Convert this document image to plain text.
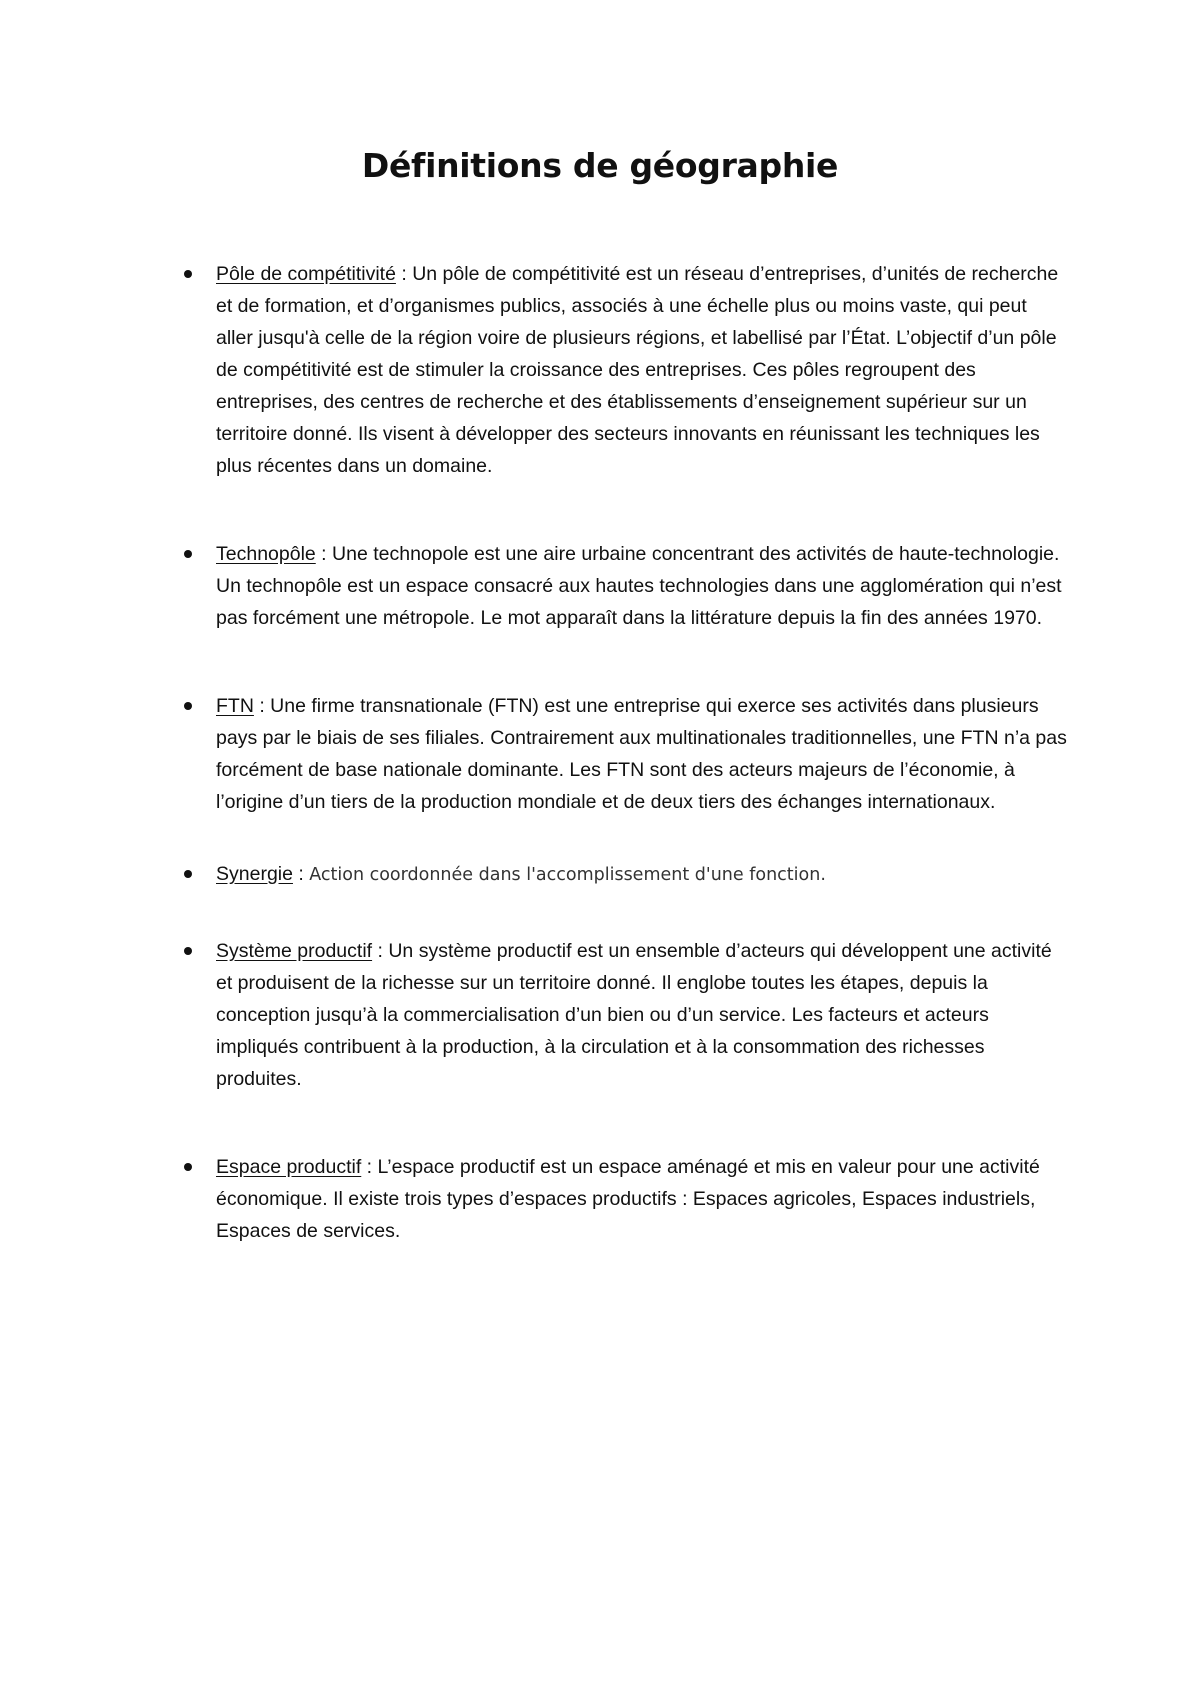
Définitions de géographie
Pôle de compétitivité : Un pôle de compétitivité est un réseau d’entreprises, d’unités de recherche et de formation, et d’organismes publics, associés à une échelle plus ou moins vaste, qui peut aller jusqu'à celle de la région voire de plusieurs régions, et labellisé par l’État. L’objectif d’un pôle de compétitivité est de stimuler la croissance des entreprises. Ces pôles regroupent des entreprises, des centres de recherche et des établissements d’enseignement supérieur sur un territoire donné. Ils visent à développer des secteurs innovants en réunissant les techniques les plus récentes dans un domaine.
Technopôle : Une technopole est une aire urbaine concentrant des activités de haute-technologie. Un technopôle est un espace consacré aux hautes technologies dans une agglomération qui n’est pas forcément une métropole. Le mot apparaît dans la littérature depuis la fin des années 1970.
FTN : Une firme transnationale (FTN) est une entreprise qui exerce ses activités dans plusieurs pays par le biais de ses filiales. Contrairement aux multinationales traditionnelles, une FTN n’a pas forcément de base nationale dominante. Les FTN sont des acteurs majeurs de l’économie, à l’origine d’un tiers de la production mondiale et de deux tiers des échanges internationaux.
Synergie : Action coordonnée dans l'accomplissement d'une fonction.
Système productif : Un système productif est un ensemble d’acteurs qui développent une activité et produisent de la richesse sur un territoire donné. Il englobe toutes les étapes, depuis la conception jusqu’à la commercialisation d’un bien ou d’un service. Les facteurs et acteurs impliqués contribuent à la production, à la circulation et à la consommation des richesses produites.
Espace productif : L’espace productif est un espace aménagé et mis en valeur pour une activité économique. Il existe trois types d’espaces productifs : Espaces agricoles, Espaces industriels, Espaces de services.
